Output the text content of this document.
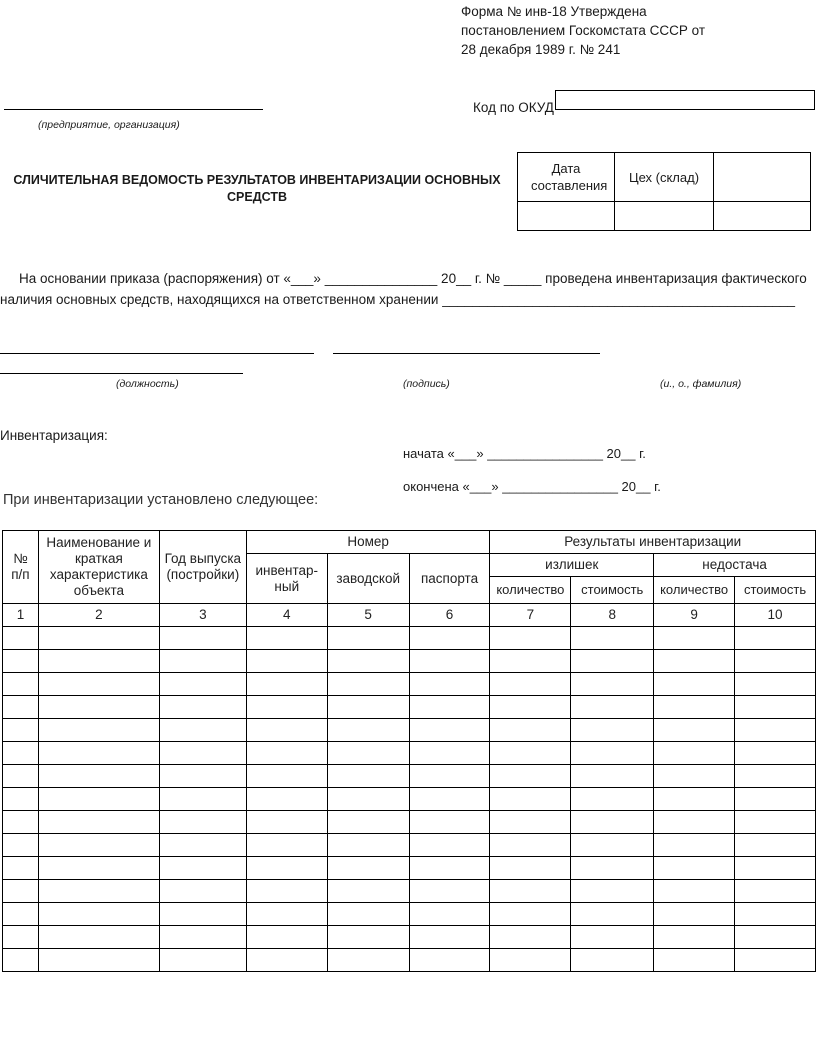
Форма № инв-18 Утверждена
постановлением Госкомстата СССР от
28 декабря 1989 г. № 241
(предприятие, организация)
Код по ОКУД
СЛИЧИТЕЛЬНАЯ ВЕДОМОСТЬ РЕЗУЛЬТАТОВ ИНВЕНТАРИЗАЦИИ ОСНОВНЫХ
СРЕДСТВ
Дата составления	Цех (склад)	

На основании приказа (распоряжения) от «___» _______________ 20__ г. № _____ проведена инвентаризация фактического
наличия основных средств, находящихся на ответственном хранении _______________________________________________
(должность)	(подпись)	(и., о., фамилия)
Инвентаризация:
начата «___» ________________ 20__ г.
окончена «___» ________________ 20__ г.
При инвентаризации установлено следующее:
№ п/п	Наименование и краткая характеристика объекта	Год выпуска (постройки)	Номер			Результаты инвентаризации			

			инвентар-ный	заводской	паспорта	излишек		недостача	
						количество	стоимость	количество	стоимость
1	2	3	4	5	6	7	8	9	10
